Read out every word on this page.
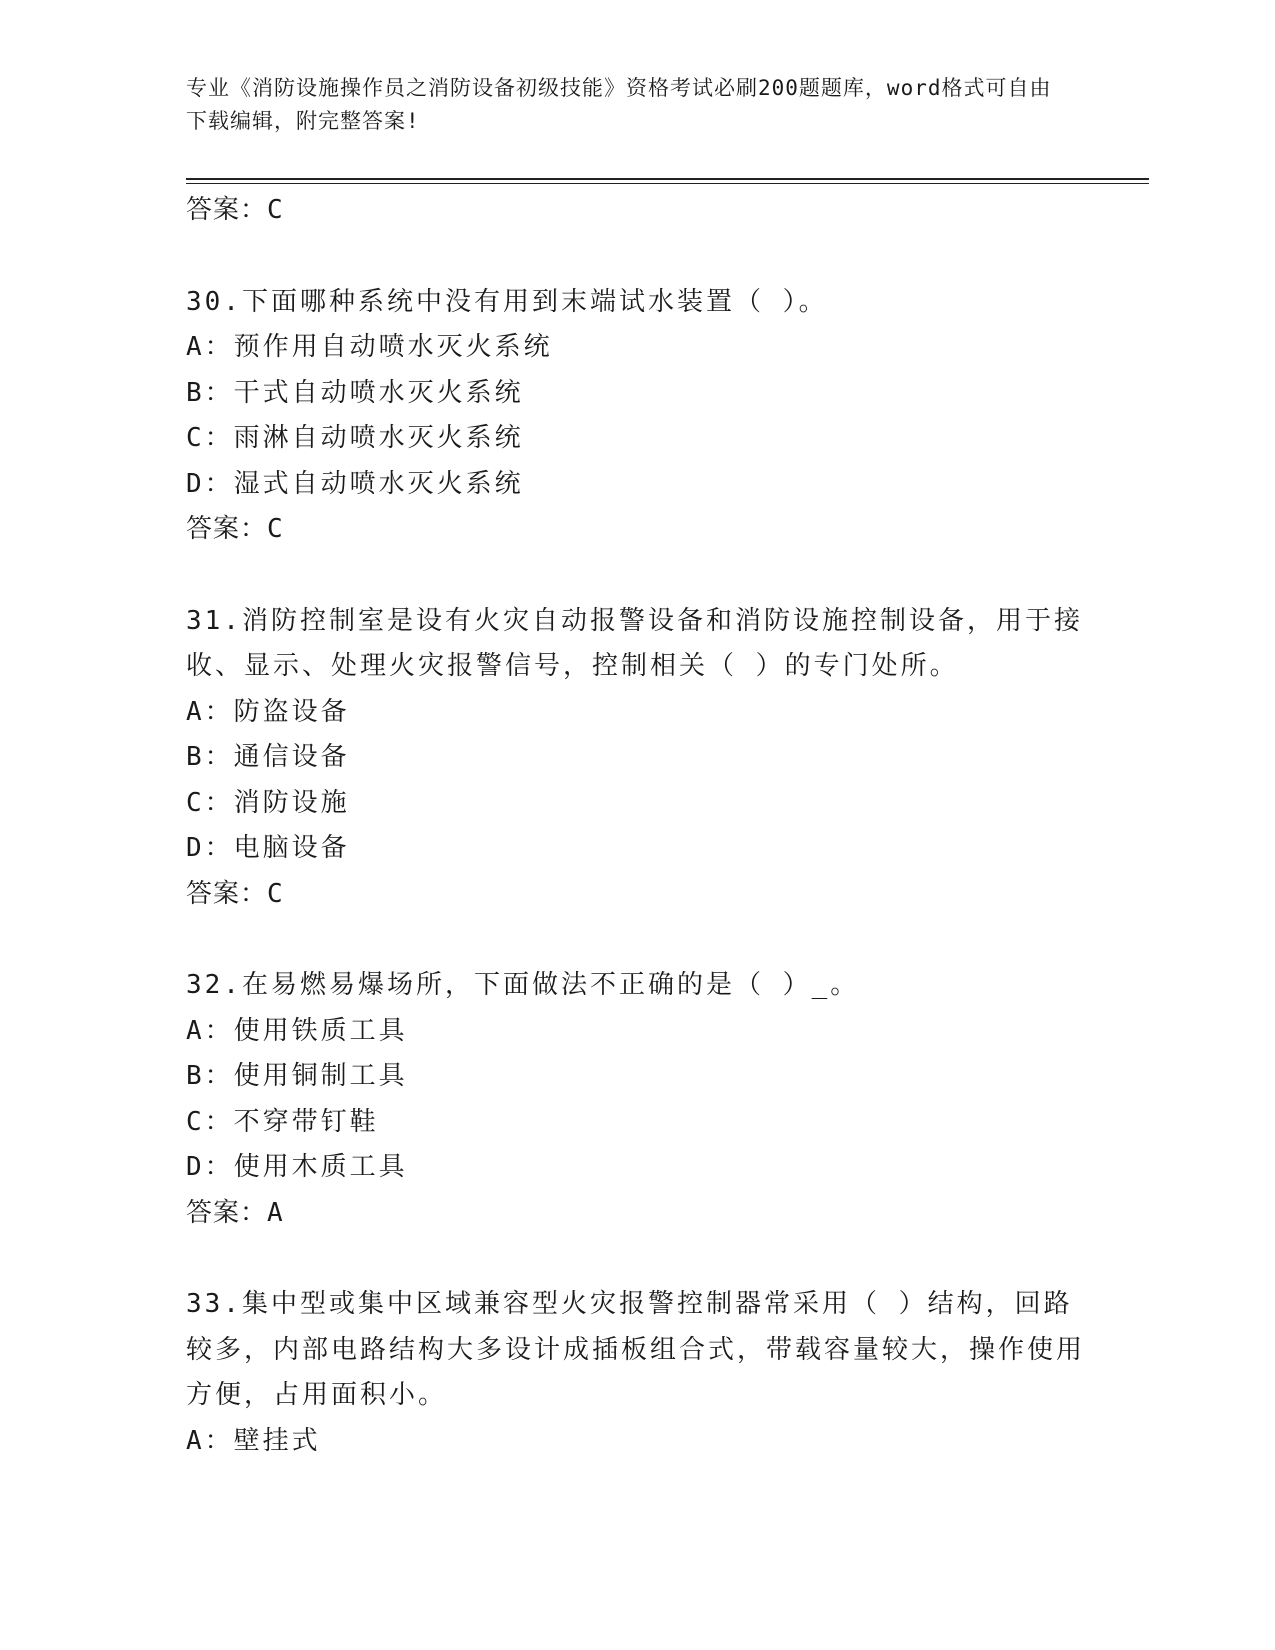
专业《消防设施操作员之消防设备初级技能》资格考试必刷200题题库，word格式可自由下载编辑，附完整答案!
答案：C
30.下面哪种系统中没有用到末端试水装置（ ）。
A：预作用自动喷水灭火系统
B：干式自动喷水灭火系统
C：雨淋自动喷水灭火系统
D：湿式自动喷水灭火系统
答案：C
31.消防控制室是设有火灾自动报警设备和消防设施控制设备，用于接收、显示、处理火灾报警信号，控制相关（ ）的专门处所。
A：防盗设备
B：通信设备
C：消防设施
D：电脑设备
答案：C
32.在易燃易爆场所，下面做法不正确的是（ ）_。
A：使用铁质工具
B：使用铜制工具
C：不穿带钉鞋
D：使用木质工具
答案：A
33.集中型或集中区域兼容型火灾报警控制器常采用（ ）结构，回路较多，内部电路结构大多设计成插板组合式，带载容量较大，操作使用方便，占用面积小。
A：壁挂式
